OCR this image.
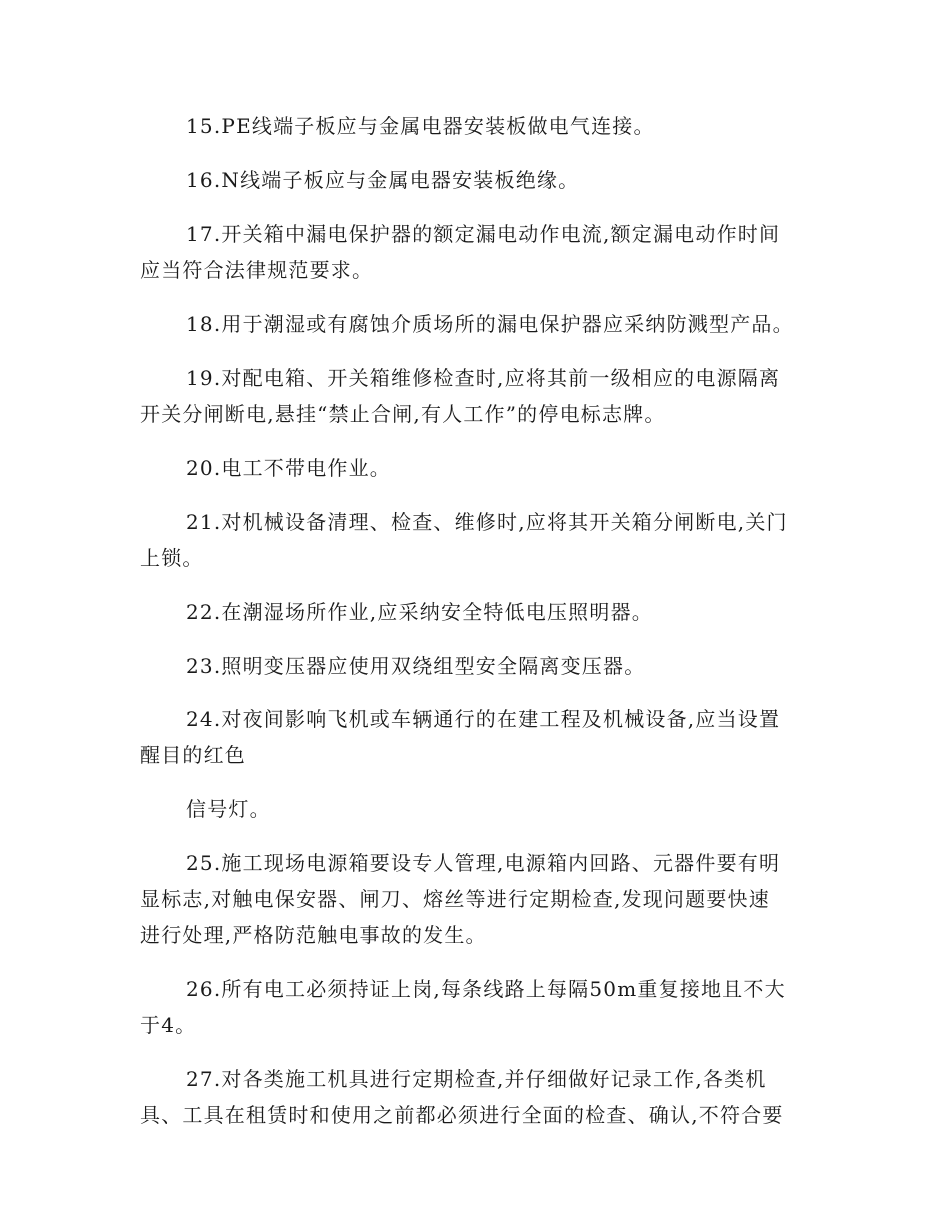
15.PE线端子板应与金属电器安装板做电气连接。

16.N线端子板应与金属电器安装板绝缘。

17.开关箱中漏电保护器的额定漏电动作电流,额定漏电动作时间

应当符合法律规范要求。

18.用于潮湿或有腐蚀介质场所的漏电保护器应采纳防溅型产品。

19.对配电箱、开关箱维修检查时,应将其前一级相应的电源隔离

开关分闸断电,悬挂“禁止合闸,有人工作”的停电标志牌。

20.电工不带电作业。

21.对机械设备清理、检查、维修时,应将其开关箱分闸断电,关门

上锁。

22.在潮湿场所作业,应采纳安全特低电压照明器。

23.照明变压器应使用双绕组型安全隔离变压器。

24.对夜间影响飞机或车辆通行的在建工程及机械设备,应当设置

醒目的红色

信号灯。

25.施工现场电源箱要设专人管理,电源箱内回路、元器件要有明

显标志,对触电保安器、闸刀、熔丝等进行定期检查,发现问题要快速

进行处理,严格防范触电事故的发生。

26.所有电工必须持证上岗,每条线路上每隔50m重复接地且不大

于4。

27.对各类施工机具进行定期检查,并仔细做好记录工作,各类机

具、工具在租赁时和使用之前都必须进行全面的检查、确认,不符合要
